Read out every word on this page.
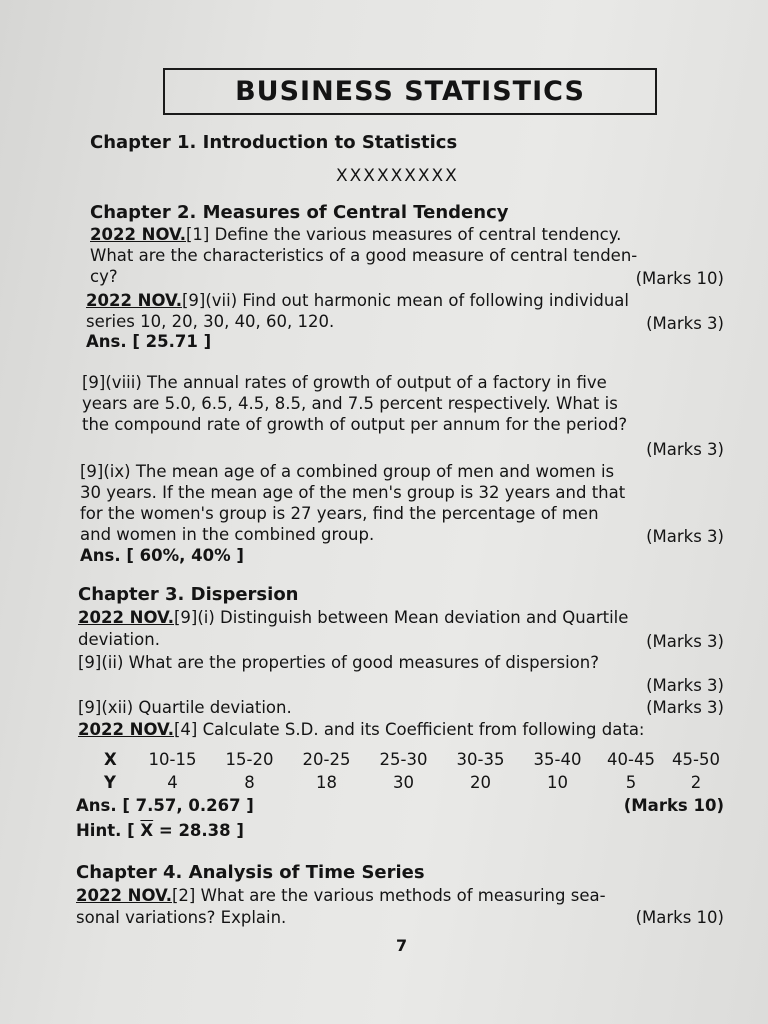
BUSINESS STATISTICS
Chapter 1. Introduction to Statistics
XXXXXXXXX
Chapter 2. Measures of Central Tendency
2022 NOV.[1] Define the various measures of central tendency.
What are the characteristics of a good measure of central tenden-
cy?	(Marks 10)
2022 NOV.[9](vii) Find out harmonic mean of following individual
series 10, 20, 30, 40, 60, 120.	(Marks 3)
Ans. [ 25.71 ]
[9](viii) The annual rates of growth of output of a factory in five
years are 5.0, 6.5, 4.5, 8.5, and 7.5 percent respectively. What is
the compound rate of growth of output per annum for the period?
(Marks 3)
[9](ix) The mean age of a combined group of men and women is
30 years. If the mean age of the men's group is 32 years and that
for the women's group is 27 years, find the percentage of men
and women in the combined group.	(Marks 3)
Ans. [ 60%, 40% ]
Chapter 3. Dispersion
2022 NOV.[9](i) Distinguish between Mean deviation and Quartile
deviation.	(Marks 3)
[9](ii) What are the properties of good measures of dispersion?
(Marks 3)
[9](xii) Quartile deviation.	(Marks 3)
2022 NOV.[4] Calculate S.D. and its Coefficient from following data:
X	10-15	15-20	20-25	25-30	30-35	35-40	40-45	45-50
Y	4	8	18	30	20	10	5	2
Ans. [ 7.57, 0.267 ]	(Marks 10)
Hint. [ $\overline{X} = 28.38$ ]
Chapter 4. Analysis of Time Series
2022 NOV.[2] What are the various methods of measuring sea-
sonal variations? Explain.	(Marks 10)
7
